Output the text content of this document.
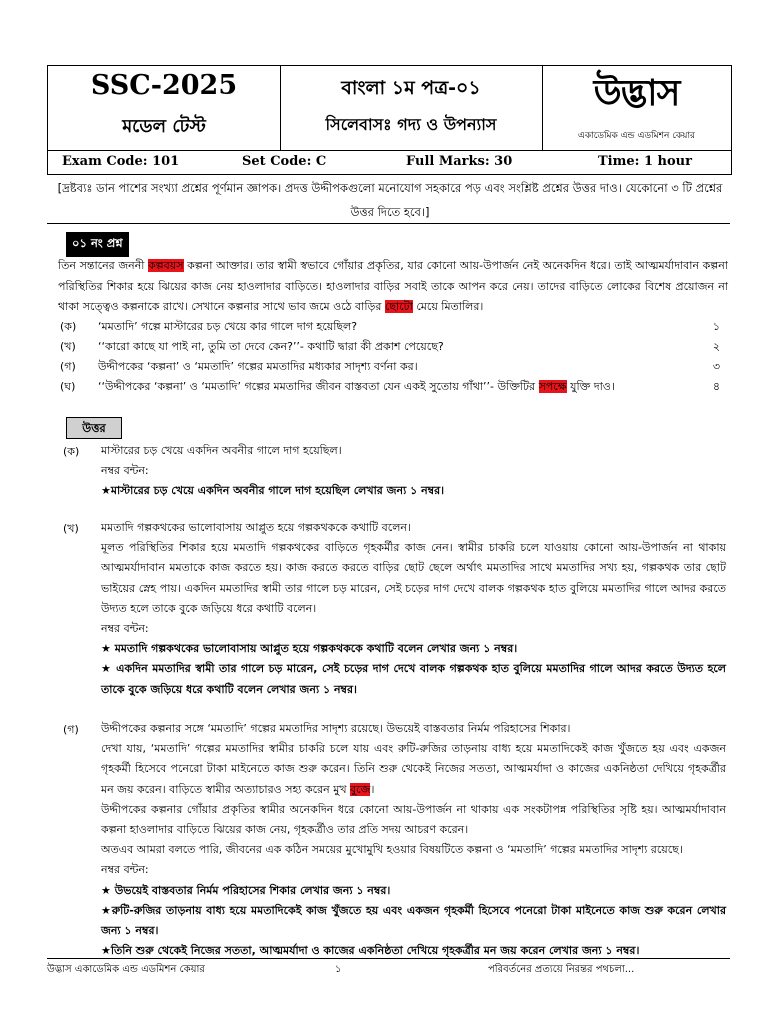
SSC-2025
মডেল টেস্ট
বাংলা ১ম পত্র-০১
সিলেবাসঃ গদ্য ও উপন্যাস
উদ্ভাস
একাডেমিক এন্ড এডমিশন কেয়ার
Exam Code: 101	Set Code: C	Full Marks: 30	Time: 1 hour
[দ্রষ্টব্যঃ ডান পাশের সংখ্যা প্রশ্নের পূর্ণমান জ্ঞাপক। প্রদত্ত উদ্দীপকগুলো মনোযোগ সহকারে পড় এবং সংশ্লিষ্ট প্রশ্নের উত্তর দাও। যেকোনো ৩ টি প্রশ্নের উত্তর দিতে হবে।]
০১ নং প্রশ্ন
তিন সন্তানের জননী কল্পবয়স কল্পনা আক্তার। তার স্বামী স্বভাবে গোঁয়ার প্রকৃতির, যার কোনো আয়-উপার্জন নেই অনেকদিন ধরে। তাই আত্মমর্যাদাবান কল্পনা পরিস্থিতির শিকার হয়ে ঝিয়ের কাজ নেয় হাওলাদার বাড়িতে। হাওলাদার বাড়ির সবাই তাকে আপন করে নেয়। তাদের বাড়িতে লোকের বিশেষ প্রয়োজন না থাকা সত্ত্বেও কল্পনাকে রাখে। সেখানে কল্পনার সাথে ভাব জমে ওঠে বাড়ির ছোটো মেয়ে মিতালির।
(ক) ‘মমতাদি’ গল্পে মাস্টারের চড় খেয়ে কার গালে দাগ হয়েছিল?	১
(খ) ‘‘কারো কাছে যা পাই না, তুমি তা দেবে কেন?’’- কথাটি দ্বারা কী প্রকাশ পেয়েছে?	২
(গ) উদ্দীপকের ‘কল্পনা’ ও ‘মমতাদি’ গল্পের মমতাদির মধ্যকার সাদৃশ্য বর্ণনা কর।	৩
(ঘ) ‘‘উদ্দীপকের ‘কল্পনা’ ও ‘মমতাদি’ গল্পের মমতাদির জীবন বাস্তবতা যেন একই সুতোয় গাঁথা’’- উক্তিটির সপক্ষে যুক্তি দাও।	৪
উত্তর
(ক) মাস্টারের চড় খেয়ে একদিন অবনীর গালে দাগ হয়েছিল।
নম্বর বন্টন:
★মাস্টারের চড় খেয়ে একদিন অবনীর গালে দাগ হয়েছিল লেখার জন্য ১ নম্বর।
(খ) মমতাদি গল্পকথকের ভালোবাসায় আপ্লুত হয়ে গল্পকথককে কথাটি বলেন।
মূলত পরিস্থিতির শিকার হয়ে মমতাদি গল্পকথকের বাড়িতে গৃহকর্মীর কাজ নেন। স্বামীর চাকরি চলে যাওয়ায় কোনো আয়-উপার্জন না থাকায় আত্মমর্যাদাবান মমতাকে কাজ করতে হয়। কাজ করতে করতে বাড়ির ছোট ছেলে অর্থাৎ মমতাদির সাথে মমতাদির সখ্য হয়, গল্পকথক তার ছোট ভাইয়ের স্নেহ পায়। একদিন মমতাদির স্বামী তার গালে চড় মারেন, সেই চড়ের দাগ দেখে বালক গল্পকথক হাত বুলিয়ে মমতাদির গালে আদর করতে উদ্যত হলে তাকে বুকে জড়িয়ে ধরে কথাটি বলেন।
নম্বর বন্টন:
★ মমতাদি গল্পকথকের ভালোবাসায় আপ্লুত হয়ে গল্পকথককে কথাটি বলেন লেখার জন্য ১ নম্বর।
★ একদিন মমতাদির স্বামী তার গালে চড় মারেন, সেই চড়ের দাগ দেখে বালক গল্পকথক হাত বুলিয়ে মমতাদির গালে আদর করতে উদ্যত হলে তাকে বুকে জড়িয়ে ধরে কথাটি বলেন লেখার জন্য ১ নম্বর।
(গ) উদ্দীপকের কল্পনার সঙ্গে ‘মমতাদি’ গল্পের মমতাদির সাদৃশ্য রয়েছে। উভয়েই বাস্তবতার নির্মম পরিহাসের শিকার।
দেখা যায়, ‘মমতাদি’ গল্পের মমতাদির স্বামীর চাকরি চলে যায় এবং রুটি-রুজির তাড়নায় বাধ্য হয়ে মমতাদিকেই কাজ খুঁজতে হয় এবং একজন গৃহকর্মী হিসেবে পনেরো টাকা মাইনেতে কাজ শুরু করেন। তিনি শুরু থেকেই নিজের সততা, আত্মমর্যাদা ও কাজের একনিষ্ঠতা দেখিয়ে গৃহকর্ত্রীর মন জয় করেন। বাড়িতে স্বামীর অত্যাচারও সহ্য করেন মুখ বুজে।
উদ্দীপকের কল্পনার গোঁয়ার প্রকৃতির স্বামীর অনেকদিন ধরে কোনো আয়-উপার্জন না থাকায় এক সংকটাপন্ন পরিস্থিতির সৃষ্টি হয়। আত্মমর্যাদাবান কল্পনা হাওলাদার বাড়িতে ঝিয়ের কাজ নেয়, গৃহকর্ত্রীও তার প্রতি সদয় আচরণ করেন।
অতএব আমরা বলতে পারি, জীবনের এক কঠিন সময়ের মুখোমুখি হওয়ার বিষয়টিতে কল্পনা ও ‘মমতাদি’ গল্পের মমতাদির সাদৃশ্য রয়েছে।
নম্বর বন্টন:
★ উভয়েই বাস্তবতার নির্মম পরিহাসের শিকার লেখার জন্য ১ নম্বর।
★রুটি-রুজির তাড়নায় বাধ্য হয়ে মমতাদিকেই কাজ খুঁজতে হয় এবং একজন গৃহকর্মী হিসেবে পনেরো টাকা মাইনেতে কাজ শুরু করেন লেখার জন্য ১ নম্বর।
★তিনি শুরু থেকেই নিজের সততা, আত্মমর্যাদা ও কাজের একনিষ্ঠতা দেখিয়ে গৃহকর্ত্রীর মন জয় করেন লেখার জন্য ১ নম্বর।
উদ্ভাস একাডেমিক এন্ড এডমিশন কেয়ার	১	পরিবর্তনের প্রত্যয়ে নিরন্তর পথচলা...
